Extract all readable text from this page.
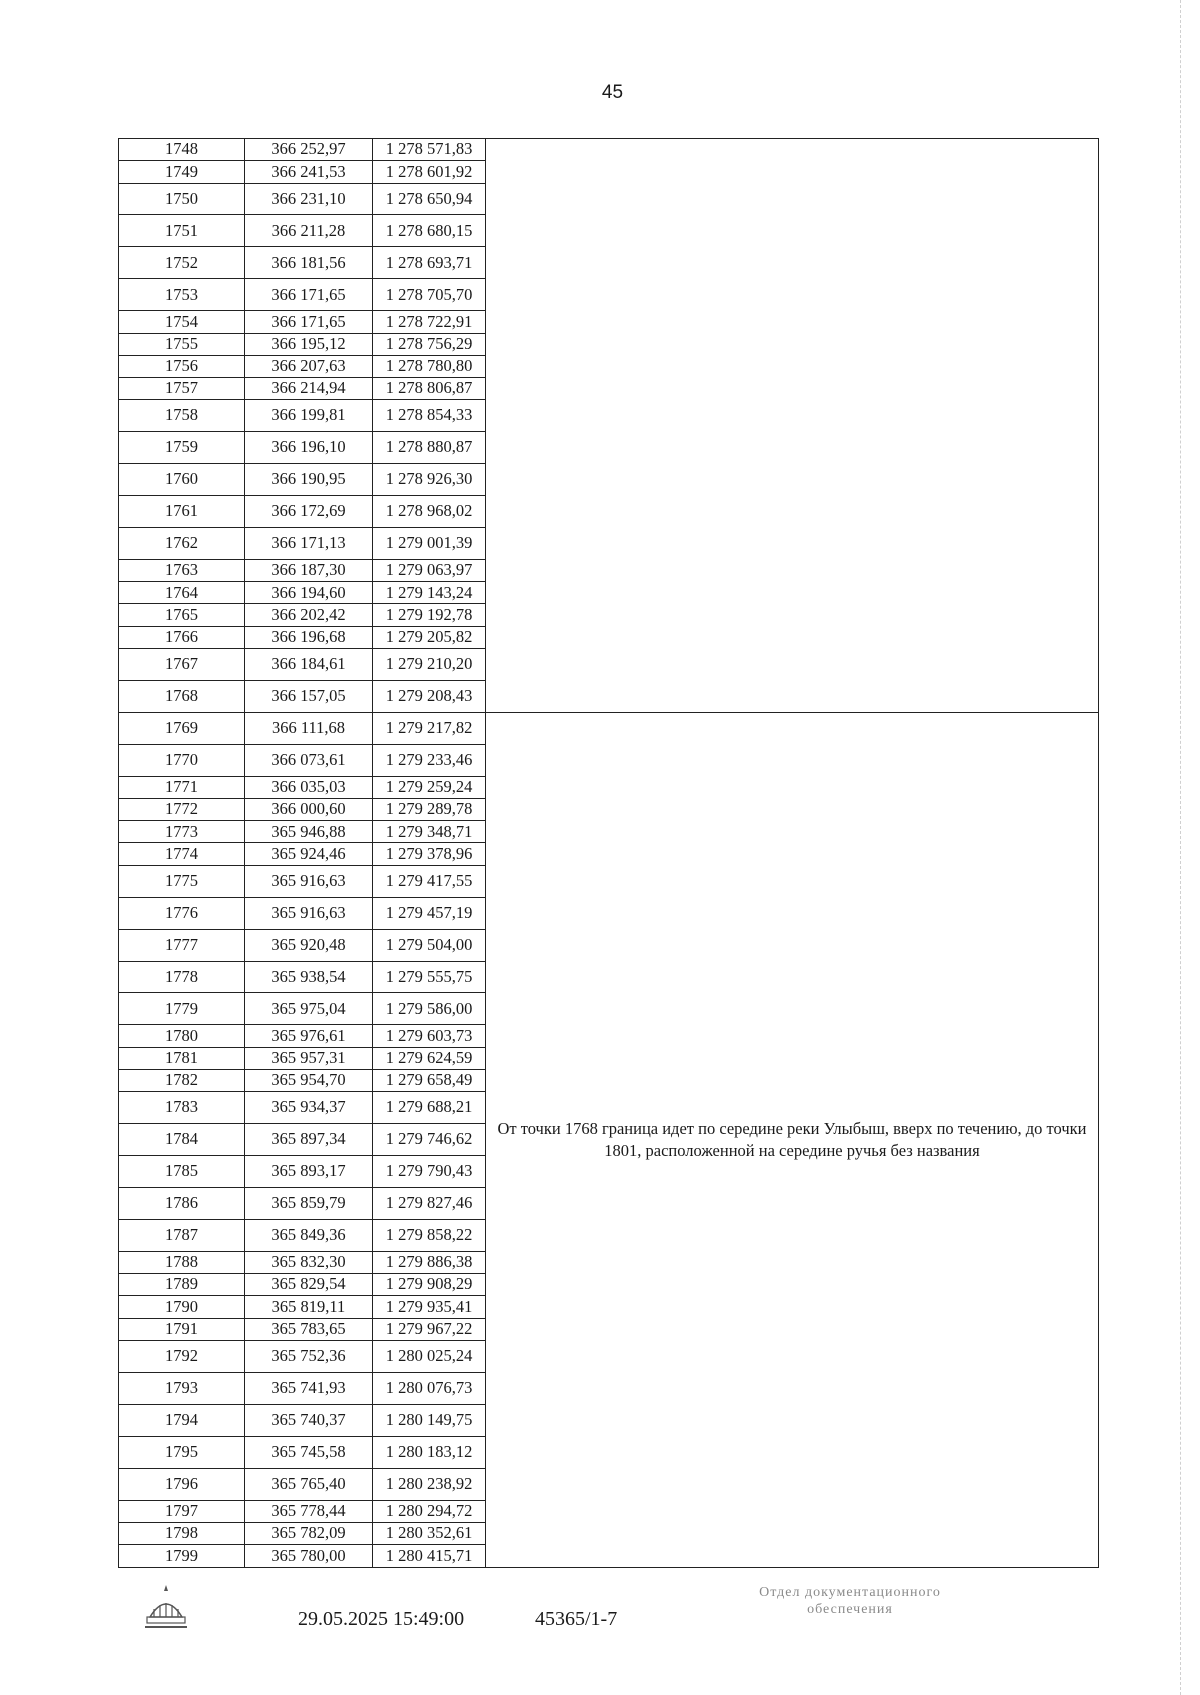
45
1748	366 252,97	1 278 571,83	
1749	366 241,53	1 278 601,92	
1750	366 231,10	1 278 650,94	
1751	366 211,28	1 278 680,15	
1752	366 181,56	1 278 693,71	
1753	366 171,65	1 278 705,70	
1754	366 171,65	1 278 722,91	
1755	366 195,12	1 278 756,29	
1756	366 207,63	1 278 780,80	
1757	366 214,94	1 278 806,87	
1758	366 199,81	1 278 854,33	
1759	366 196,10	1 278 880,87	
1760	366 190,95	1 278 926,30	
1761	366 172,69	1 278 968,02	
1762	366 171,13	1 279 001,39	
1763	366 187,30	1 279 063,97	
1764	366 194,60	1 279 143,24	
1765	366 202,42	1 279 192,78	
1766	366 196,68	1 279 205,82	
1767	366 184,61	1 279 210,20	
1768	366 157,05	1 279 208,43	
1769	366 111,68	1 279 217,82	От точки 1768 граница идет по середине реки Улыбыш, вверх по течению, до точки 1801, расположенной на середине ручья без названия
1770	366 073,61	1 279 233,46	
1771	366 035,03	1 279 259,24	
1772	366 000,60	1 279 289,78	
1773	365 946,88	1 279 348,71	
1774	365 924,46	1 279 378,96	
1775	365 916,63	1 279 417,55	
1776	365 916,63	1 279 457,19	
1777	365 920,48	1 279 504,00	
1778	365 938,54	1 279 555,75	
1779	365 975,04	1 279 586,00	
1780	365 976,61	1 279 603,73	
1781	365 957,31	1 279 624,59	
1782	365 954,70	1 279 658,49	
1783	365 934,37	1 279 688,21	
1784	365 897,34	1 279 746,62	
1785	365 893,17	1 279 790,43	
1786	365 859,79	1 279 827,46	
1787	365 849,36	1 279 858,22	
1788	365 832,30	1 279 886,38	
1789	365 829,54	1 279 908,29	
1790	365 819,11	1 279 935,41	
1791	365 783,65	1 279 967,22	
1792	365 752,36	1 280 025,24	
1793	365 741,93	1 280 076,73	
1794	365 740,37	1 280 149,75	
1795	365 745,58	1 280 183,12	
1796	365 765,40	1 280 238,92	
1797	365 778,44	1 280 294,72	
1798	365 782,09	1 280 352,61	
1799	365 780,00	1 280 415,71	
29.05.2025 15:49:00	45365/1-7
Отдел документационного
обеспечения
